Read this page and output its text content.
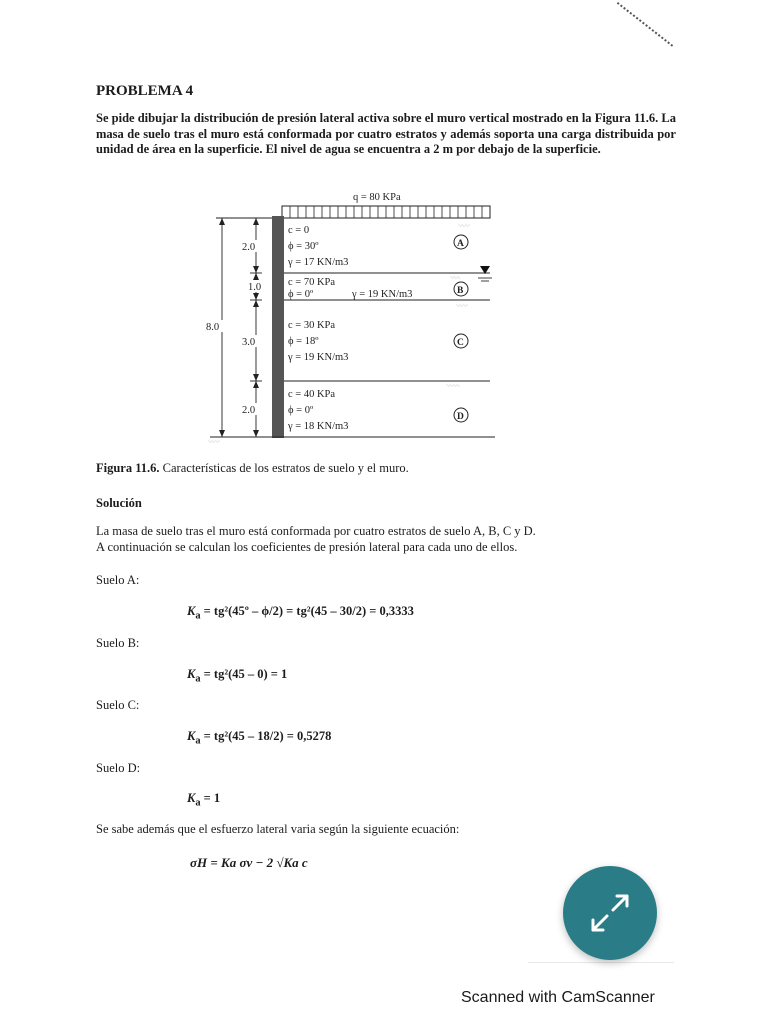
PROBLEMA 4
Se pide dibujar la distribución de presión lateral activa sobre el muro vertical mostrado en la Figura 11.6. La masa de suelo tras el muro está conformada por cuatro estratos y además soporta una carga distribuida por unidad de área en la superficie. El nivel de agua se encuentra a 2 m por debajo de la superficie.
q = 80 KPa
ᵔᵕᵔᵕᵔᵕᵔ
ᵔᵕᵔᵕᵔᵕ
ᵔᵕᵔᵕᵔᵕᵔ
ᵔᵕᵔᵕᵔᵕᵔᵕ
ᵔᵕᵔᵕᵔᵕᵔ
8.0
2.0
1.0
3.0
2.0
c = 0
ϕ = 30º
γ = 17 KN/m3
c = 70 KPa
ϕ = 0º	γ = 19 KN/m3
c = 30 KPa
ϕ = 18º
γ = 19 KN/m3
c = 40 KPa
ϕ = 0º
γ = 18 KN/m3
A
B
C
D
Figura 11.6. Características de los estratos de suelo y el muro.
Solución
La masa de suelo tras el muro está conformada por cuatro estratos de suelo A, B, C y D.
A continuación se calculan los coeficientes de presión lateral para cada uno de ellos.
Suelo A:
$K_a$ = tg²(45º – ϕ/2) = tg²(45 – 30/2) = 0,3333
Suelo B:
$K_a = tg^2(45 - 0) = 1$
Suelo C:
$K_a = tg^2(45 - 18/2) = 0,5278$
Suelo D:
$K_a = 1$
Se sabe además que el esfuerzo lateral varia según la siguiente ecuación:
σH = Ka σv − 2 √Ka c
Scanned with CamScanner
